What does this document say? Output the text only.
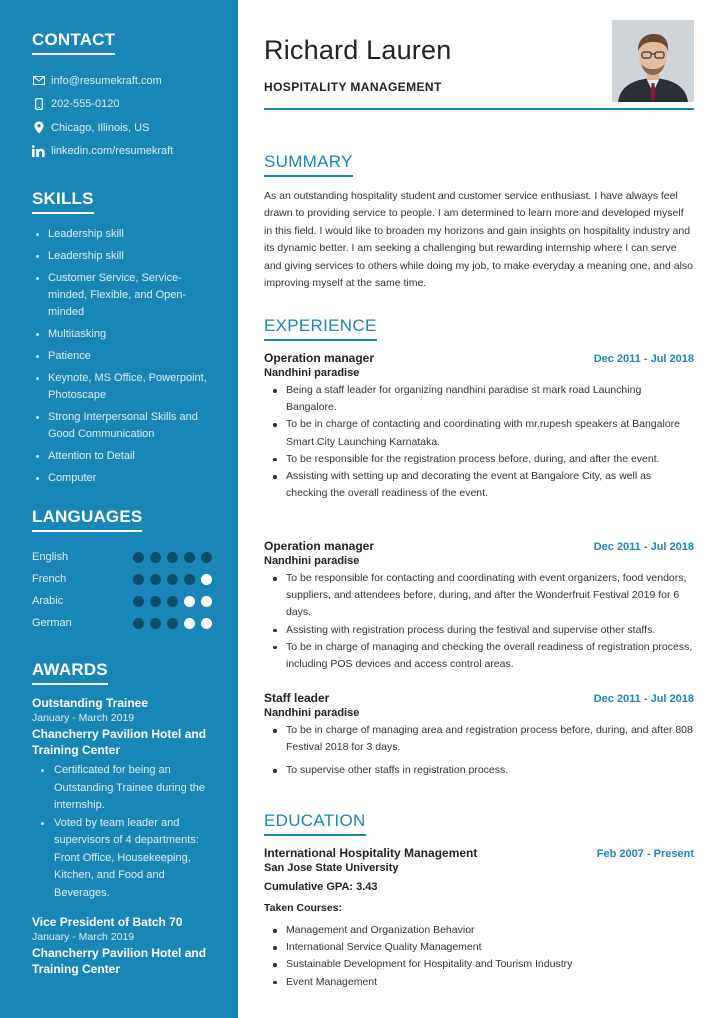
CONTACT
info@resumekraft.com
202-555-0120
Chicago, Illinois, US
linkedin.com/resumekraft
SKILLS
Leadership skill
Leadership skill
Customer Service, Service-minded, Flexible, and Open-minded
Multitasking
Patience
Keynote, MS Office, Powerpoint, Photoscape
Strong Interpersonal Skills and Good Communication
Attention to Detail
Computer
LANGUAGES
English
French
Arabic
German
AWARDS
Outstanding Trainee
January - March 2019
Chancherry Pavilion Hotel and Training Center
Certificated for being an Outstanding Trainee during the internship.
Voted by team leader and supervisors of 4 departments: Front Office, Housekeeping, Kitchen, and Food and Beverages.
Vice President of Batch 70
January - March 2019
Chancherry Pavilion Hotel and Training Center
Richard Lauren
HOSPITALITY MANAGEMENT
SUMMARY

As an outstanding hospitality student and customer service enthusiast. I have always feel drawn to providing service to people. I am determined to learn more and developed myself in this field. I would like to broaden my horizons and gain insights on hospitality industry and its dynamic better. I am seeking a challenging but rewarding internship where I can serve and giving services to others while doing my job, to make everyday a meaning one, and also improving myself at the same time.

EXPERIENCE
Operation manager	Dec 2011 - Jul 2018
Nandhini paradise
Being a staff leader for organizing nandhini paradise st mark road Launching Bangalore.
To be in charge of contacting and coordinating with mr.rupesh speakers at Bangalore Smart City Launching Karnataka.
To be responsible for the registration process before, during, and after the event.
Assisting with setting up and decorating the event at Bangalore City, as well as checking the overall readiness of the event.
Operation manager	Dec 2011 - Jul 2018
Nandhini paradise
To be responsible for contacting and coordinating with event organizers, food vendors, suppliers, and attendees before, during, and after the Wonderfruit Festival 2019 for 6 days.
Assisting with registration process during the festival and supervise other staffs.
To be in charge of managing and checking the overall readiness of registration process, including POS devices and access control areas.
Staff leader	Dec 2011 - Jul 2018
Nandhini paradise
To be in charge of managing area and registration process before, during, and after 808 Festival 2018 for 3 days.
To supervise other staffs in registration process.
EDUCATION
International Hospitality Management	Feb 2007 - Present
San Jose State University
Cumulative GPA: 3.43
Taken Courses:
Management and Organization Behavior
International Service Quality Management
Sustainable Development for Hospitality and Tourism Industry
Event Management
